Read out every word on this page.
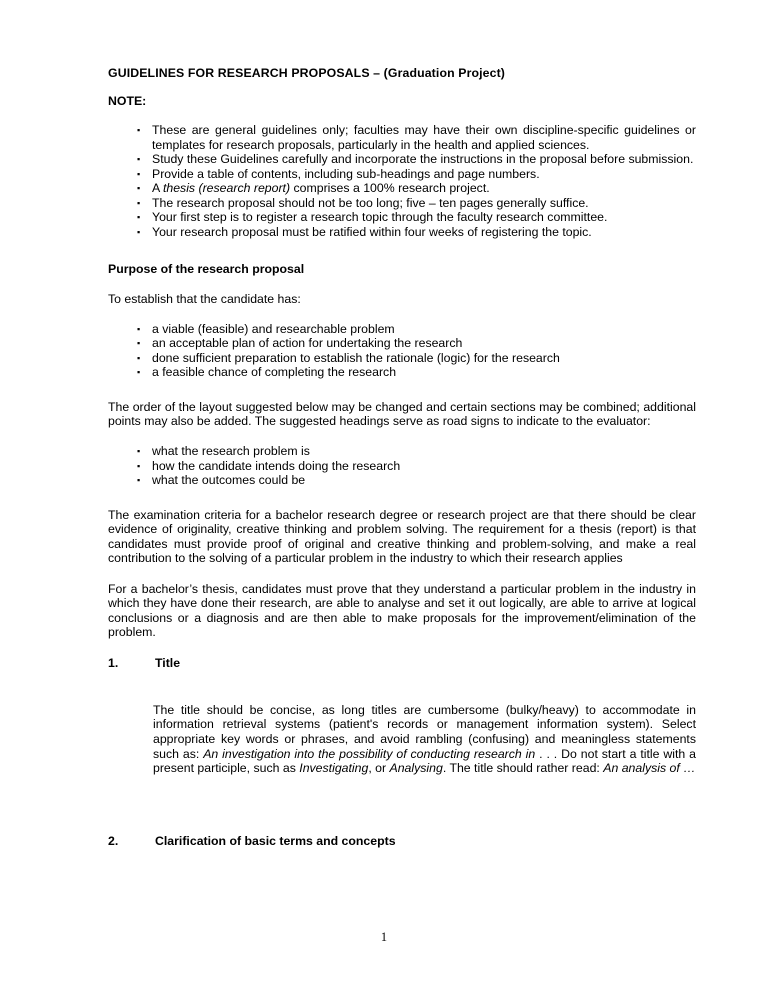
GUIDELINES FOR RESEARCH PROPOSALS – (Graduation Project)
NOTE:
▪ These are general guidelines only; faculties may have their own discipline-specific guidelines or templates for research proposals, particularly in the health and applied sciences.
▪ Study these Guidelines carefully and incorporate the instructions in the proposal before submission.
▪ Provide a table of contents, including sub-headings and page numbers.
▪ A thesis (research report) comprises a 100% research project.
▪ The research proposal should not be too long; five – ten pages generally suffice.
▪ Your first step is to register a research topic through the faculty research committee.
▪ Your research proposal must be ratified within four weeks of registering the topic.
Purpose of the research proposal

To establish that the candidate has:

▪ a viable (feasible) and researchable problem
▪ an acceptable plan of action for undertaking the research
▪ done sufficient preparation to establish the rationale (logic) for the research
▪ a feasible chance of completing the research

The order of the layout suggested below may be changed and certain sections may be combined; additional points may also be added. The suggested headings serve as road signs to indicate to the evaluator:

▪ what the research problem is
▪ how the candidate intends doing the research
▪ what the outcomes could be

The examination criteria for a bachelor research degree or research project are that there should be clear evidence of originality, creative thinking and problem solving. The requirement for a thesis (report) is that candidates must provide proof of original and creative thinking and problem-solving, and make a real contribution to the solving of a particular problem in the industry to which their research applies

For a bachelor’s thesis, candidates must prove that they understand a particular problem in the industry in which they have done their research, are able to analyse and set it out logically, are able to arrive at logical conclusions or a diagnosis and are then able to make proposals for the improvement/elimination of the problem.

1.	Title

The title should be concise, as long titles are cumbersome (bulky/heavy) to accommodate in information retrieval systems (patient's records or management information system). Select appropriate key words or phrases, and avoid rambling (confusing) and meaningless statements such as: An investigation into the possibility of conducting research in . . . Do not start a title with a present participle, such as Investigating, or Analysing. The title should rather read: An analysis of …

2.	Clarification of basic terms and concepts
1
